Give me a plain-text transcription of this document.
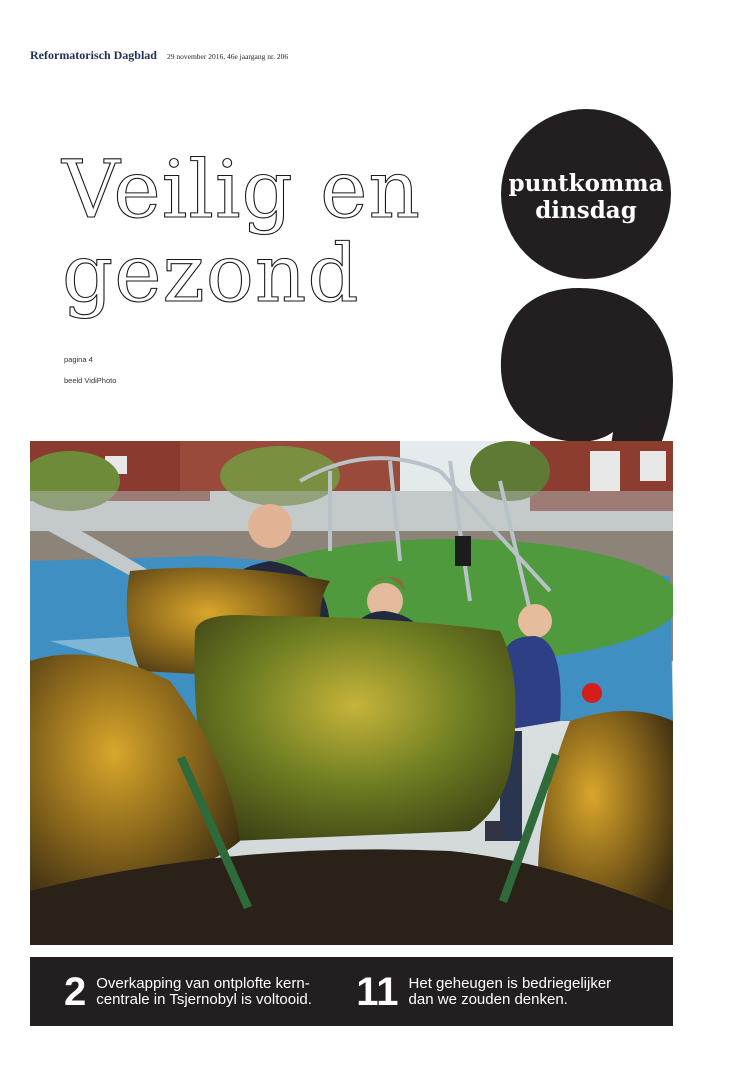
Reformatorisch Dagblad 29 november 2016, 46e jaargang nr. 206
Veilig en
gezond
pagina 4
beeld VidiPhoto
puntkomma
dinsdag
2 Overkapping van ontplofte kerncentrale in Tsjernobyl is voltooid.	11 Het geheugen is bedriegelijker dan we zouden denken.
